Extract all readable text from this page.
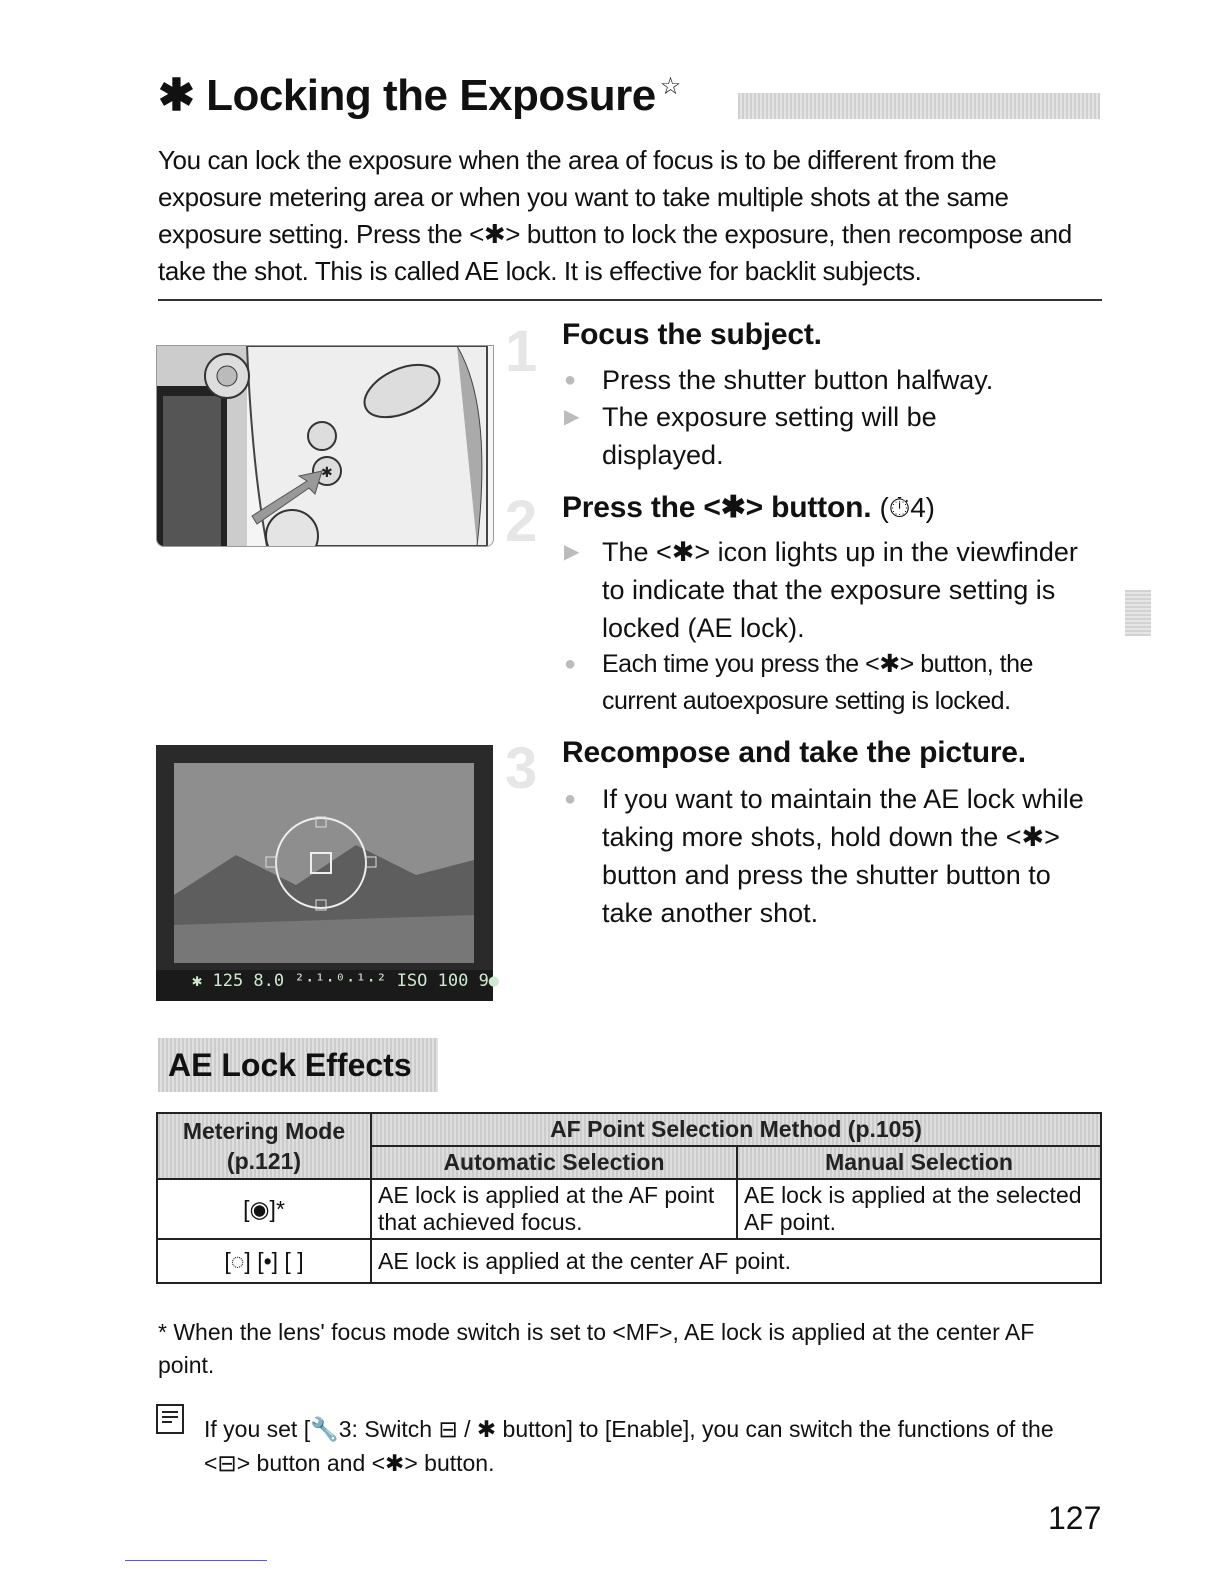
✱ Locking the Exposure ☆
You can lock the exposure when the area of focus is to be different from the exposure metering area or when you want to take multiple shots at the same exposure setting. Press the <✱> button to lock the exposure, then recompose and take the shot. This is called AE lock. It is effective for backlit subjects.
✱
1 Focus the subject.
● Press the shutter button halfway.
▶ The exposure setting will be displayed.
2 Press the <✱> button. (⏱4)
▶ The <✱> icon lights up in the viewfinder to indicate that the exposure setting is locked (AE lock).
● Each time you press the <✱> button, the current autoexposure setting is locked.
✱ 125 8.0 ²·¹·⁰·¹·² ISO 100 9●
3 Recompose and take the picture.
● If you want to maintain the AE lock while taking more shots, hold down the <✱> button and press the shutter button to take another shot.
AE Lock Effects
Metering Mode
(p.121)	AF Point Selection Method (p.105)	
	Automatic Selection	Manual Selection
[◉]*	AE lock is applied at the AF point that achieved focus.	AE lock is applied at the selected AF point.
[◌] [•] [ ]	AE lock is applied at the center AF point.	
* When the lens' focus mode switch is set to <MF>, AE lock is applied at the center AF point.
If you set [🔧3: Switch ⊟ / ✱ button] to [Enable], you can switch the functions of the <⊟> button and <✱> button.
127
